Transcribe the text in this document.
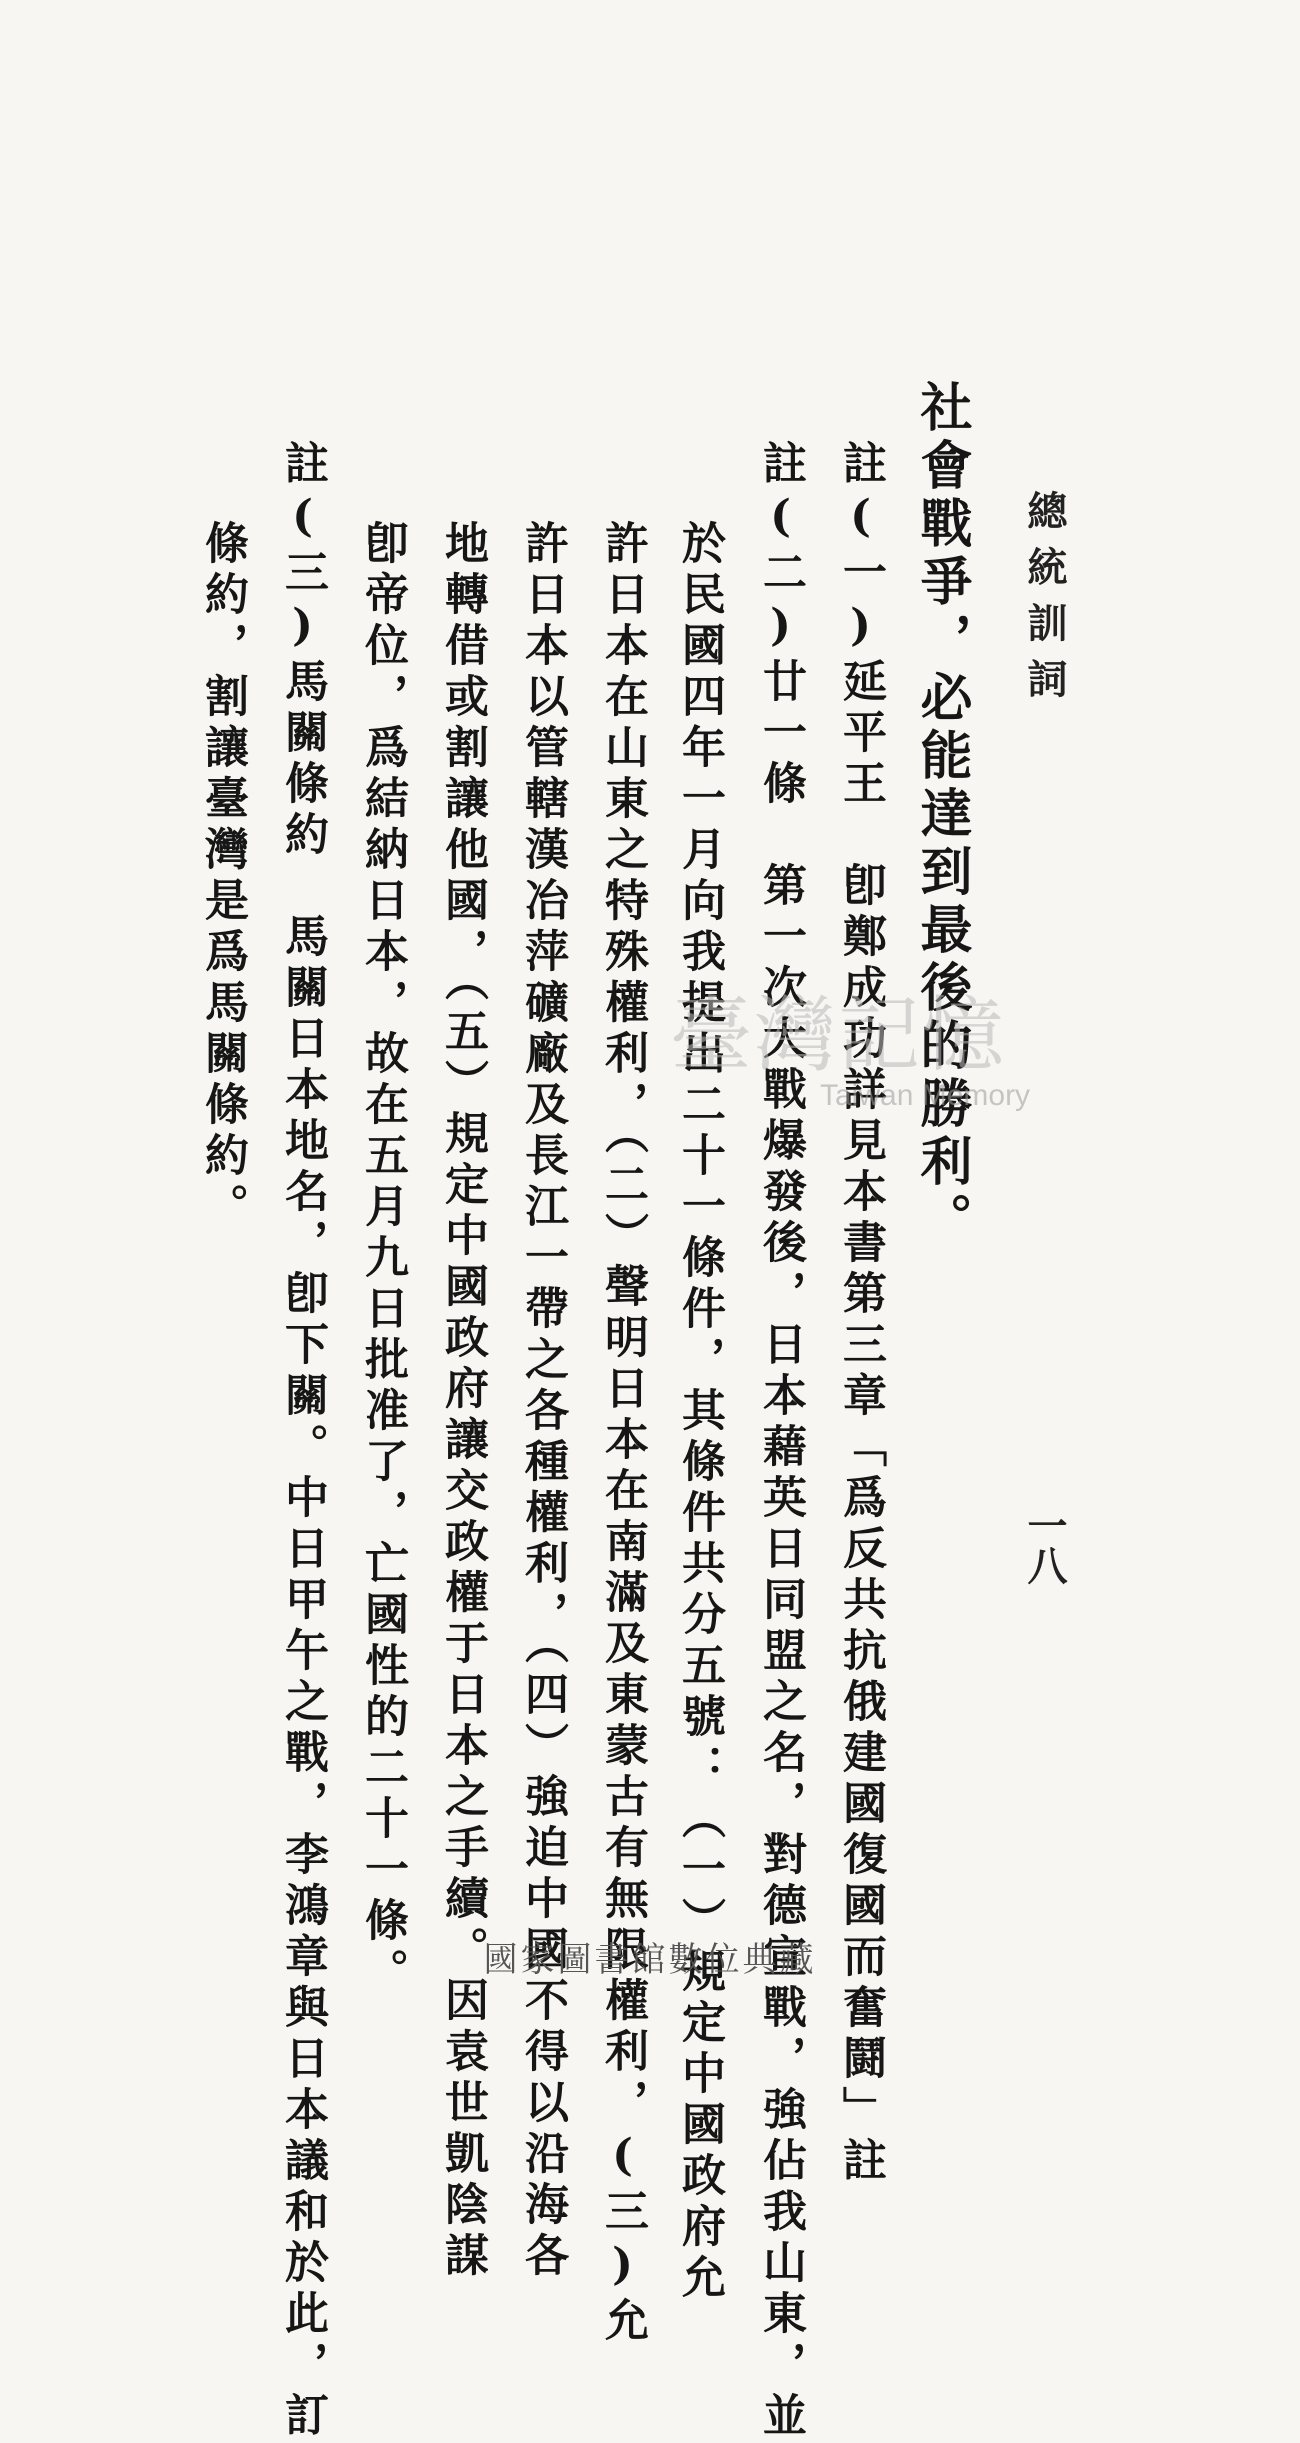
總統訓詞
一八
社會戰爭，必能達到最後的勝利。
註(一)延平王　卽鄭成功詳見本書第三章「爲反共抗俄建國復國而奮鬪」註
註(二)廿一條　第一次大戰爆發後，日本藉英日同盟之名，對德宣戰，強佔我山東，並
於民國四年一月向我提出二十一條件，其條件共分五號：（一）規定中國政府允
許日本在山東之特殊權利，（二）聲明日本在南滿及東蒙古有無限權利，(三)允
許日本以管轄漢冶萍礦廠及長江一帶之各種權利，（四）強迫中國不得以沿海各
地轉借或割讓他國，（五）規定中國政府讓交政權于日本之手續。因袁世凱陰謀
卽帝位，爲結納日本，故在五月九日批准了，亡國性的二十一條。
註(三)馬關條約　馬關日本地名，卽下關。中日甲午之戰，李鴻章與日本議和於此，訂
條約，割讓臺灣是爲馬關條約。	臺灣記憶
Taiwan Memory
國家圖書館數位典藏
